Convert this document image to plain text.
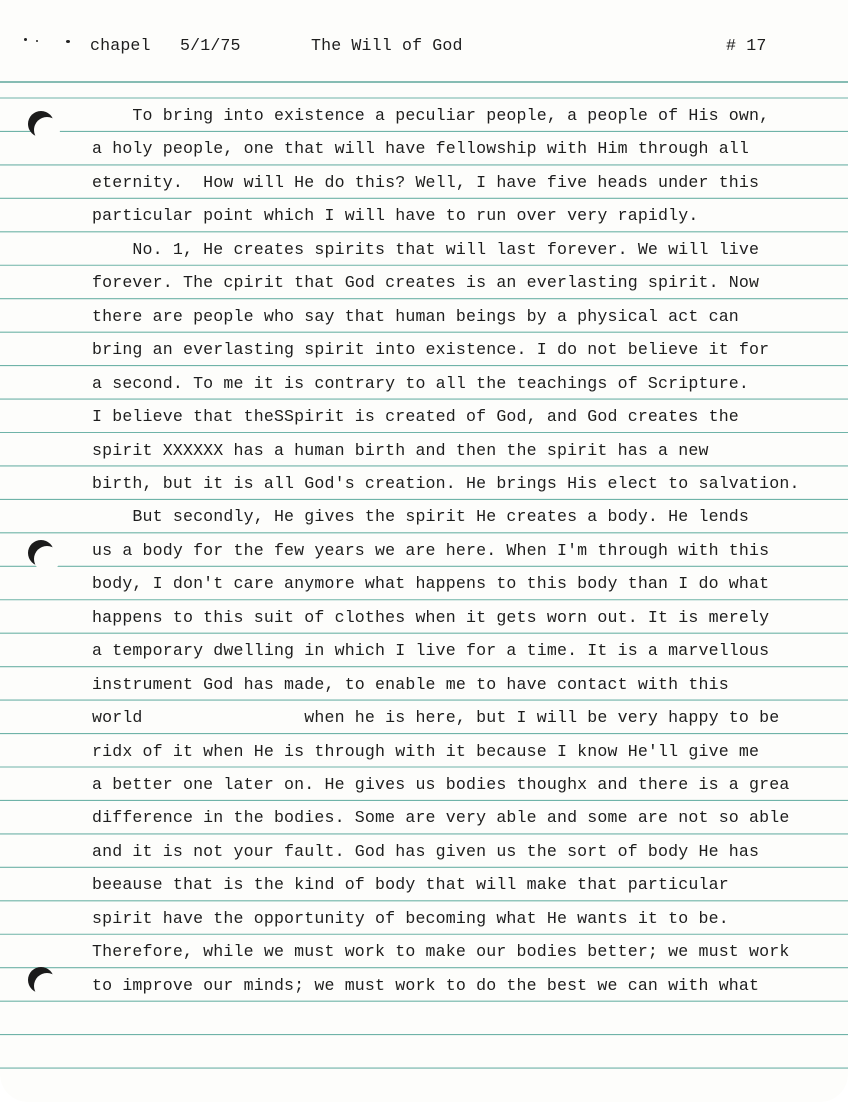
chapel

5/1/75

	The Will of God

	# 17

To bring into existence a peculiar people, a people of His own,
a holy people, one that will have fellowship with Him through all
eternity.  How will He do this? Well, I have five heads under this
particular point which I will have to run over very rapidly.
No. 1, He creates spirits that will last forever. We will live
forever. The cpirit that God creates is an everlasting spirit. Now
there are people who say that human beings by a physical act can
bring an everlasting spirit into existence. I do not believe it for
a second. To me it is contrary to all the teachings of Scripture.
I believe that theSSpirit is created of God, and God creates the
spirit XXXXXX has a human birth and then the spirit has a new
birth, but it is all God's creation. He brings His elect to salvation.
But secondly, He gives the spirit He creates a body. He lends
us a body for the few years we are here. When I'm through with this
body, I don't care anymore what happens to this body than I do what
happens to this suit of clothes when it gets worn out. It is merely
a temporary dwelling in which I live for a time. It is a marvellous
instrument God has made, to enable me to have contact with this
world                when he is here, but I will be very happy to be
ridx of it when He is through with it because I know He'll give me
a better one later on. He gives us bodies thoughx and there is a grea
difference in the bodies. Some are very able and some are not so able
and it is not your fault. God has given us the sort of body He has
beeause that is the kind of body that will make that particular
spirit have the opportunity of becoming what He wants it to be.
Therefore, while we must work to make our bodies better; we must work
to improve our minds; we must work to do the best we can with what
